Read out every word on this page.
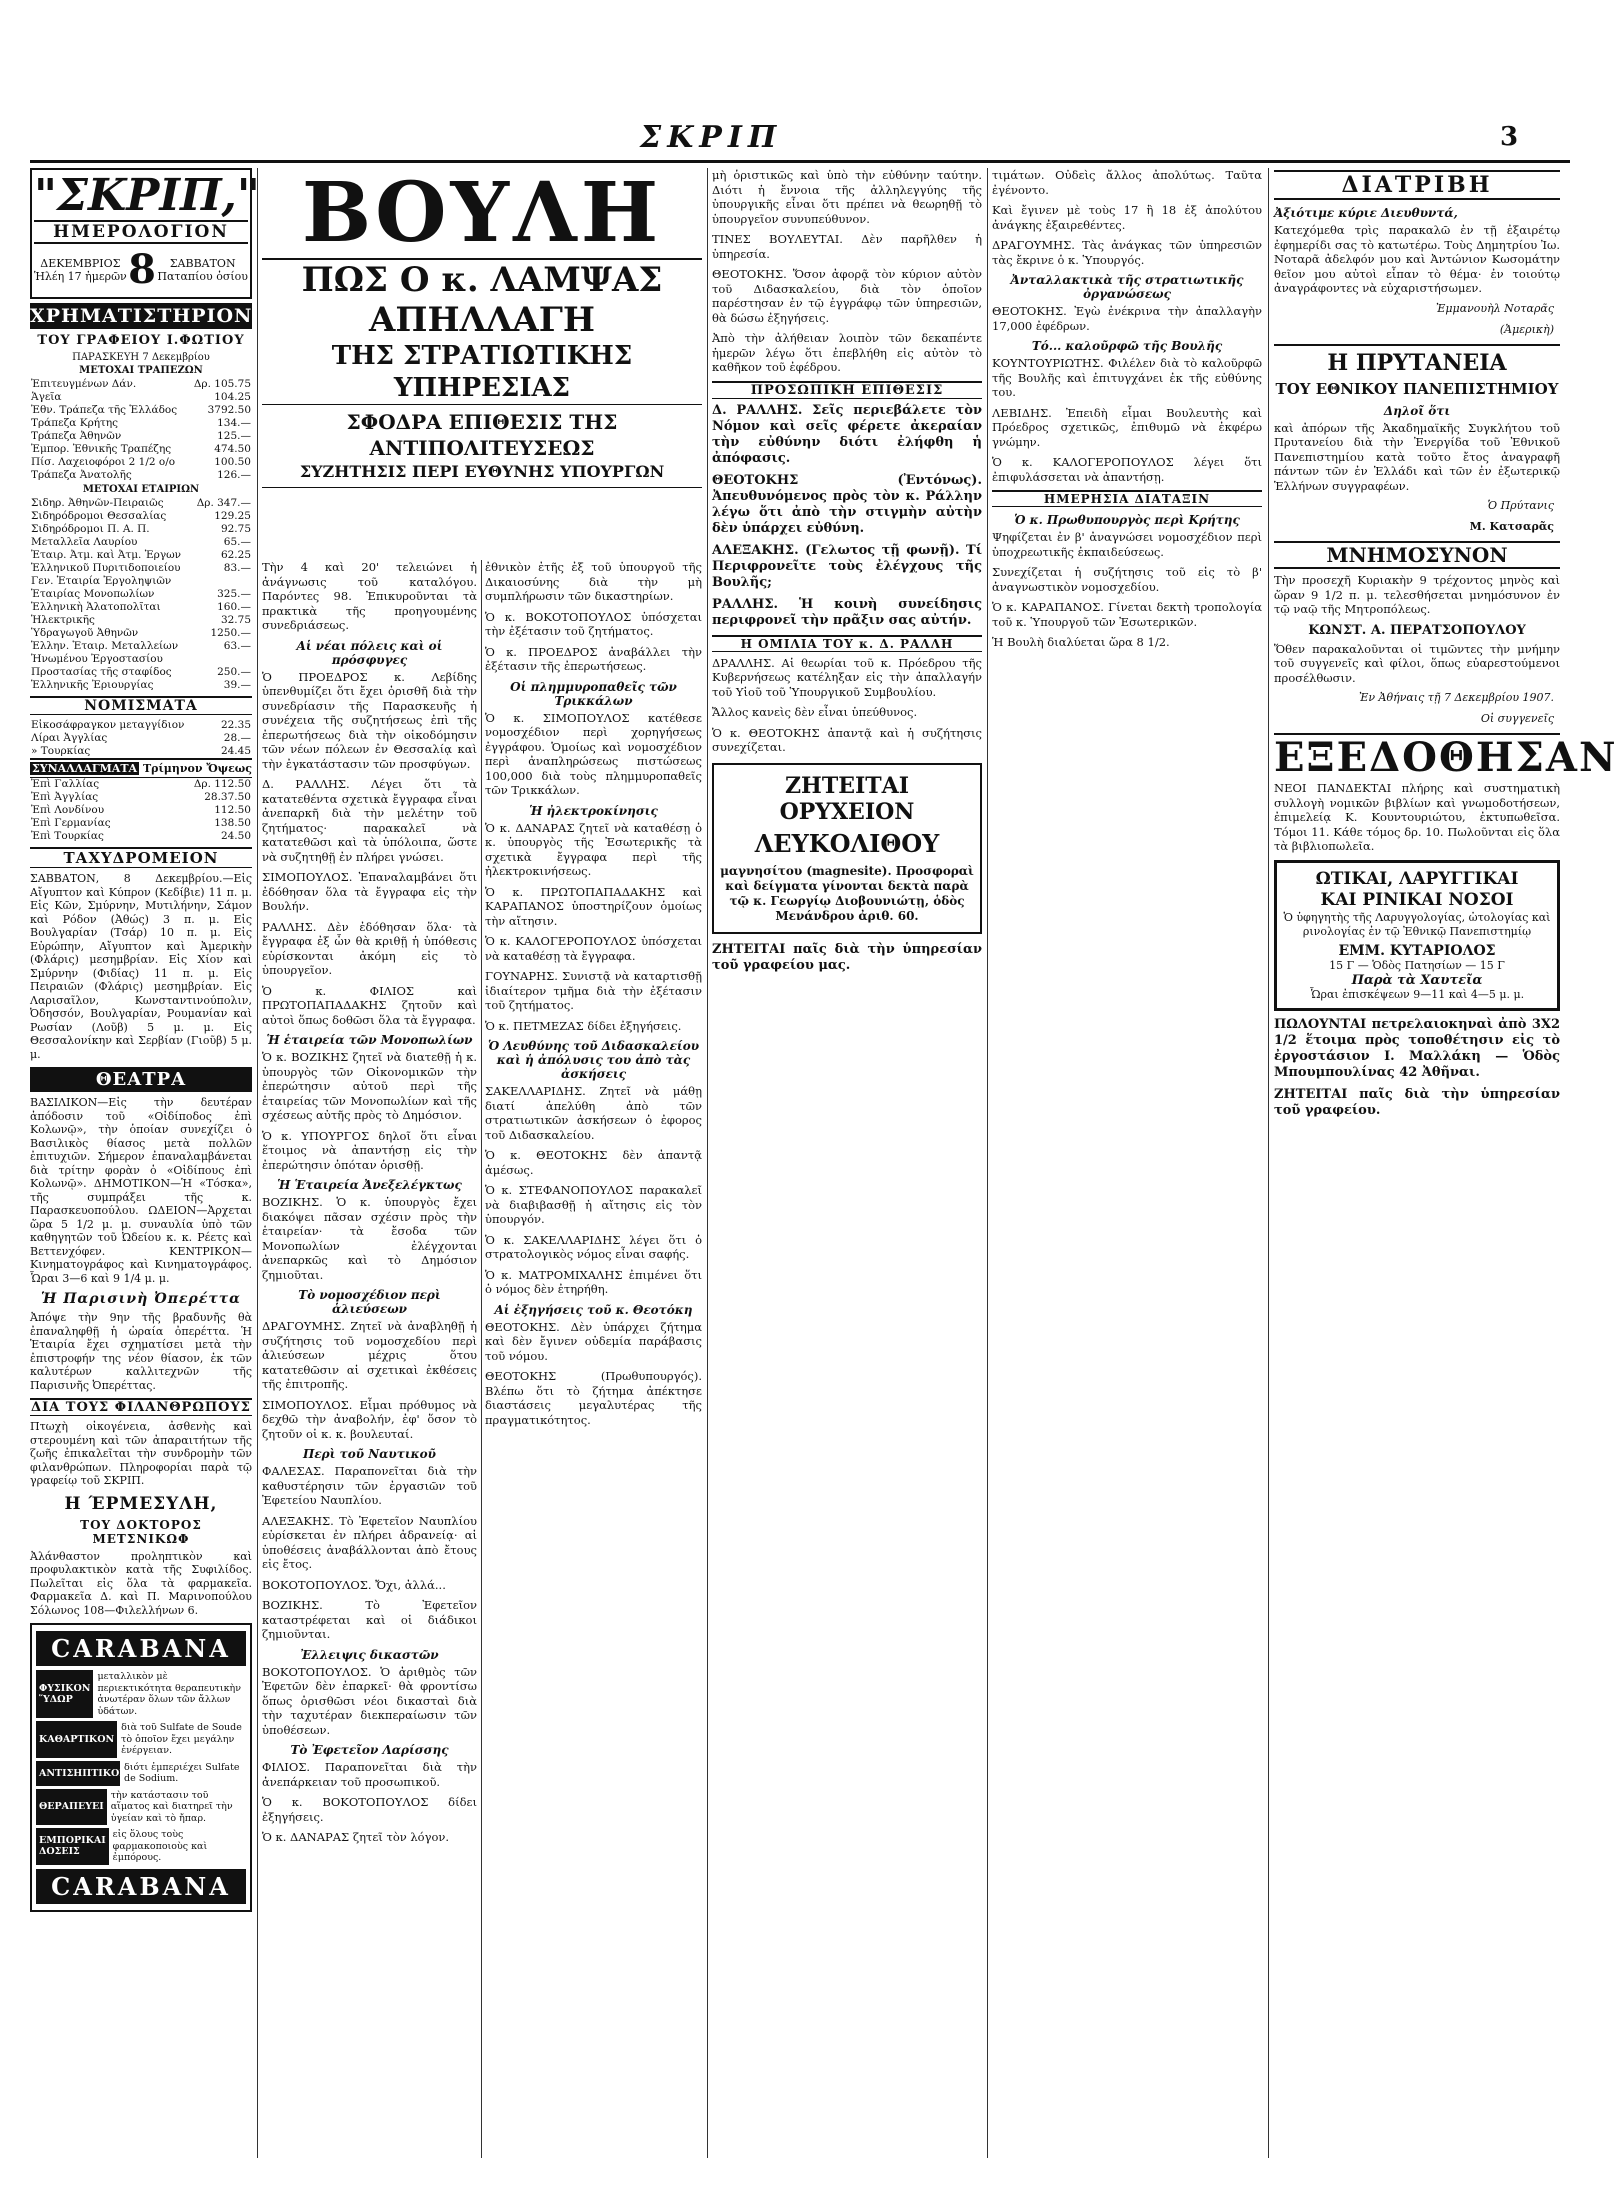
ΣΚΡΙΠ	3
"ΣΚΡΙΠ,"
ΗΜΕΡΟΛΟΓΙΟΝ
ΔΕΚΕΜΒΡΙΟΣ
Ἡλέη 17 ἡμερῶν 8	ΣΑΒΒΑΤΟΝ
Παταπίου ὁσίου
ΧΡΗΜΑΤΙΣΤΗΡΙΟΝ
ΤΟΥ ΓΡΑΦΕΙΟΥ Ι.ΦΩΤΙΟΥ
ΠΑΡΑΣΚΕΥΗ 7 Δεκεμβρίου
ΜΕΤΟΧΑΙ ΤΡΑΠΕΖΩΝ
Ἐπιτευγμένων Δάν.	Δρ. 105.75
Ἁγεῖα	104.25
Ἐθν. Τράπεζα τῆς Ἑλλάδος	3792.50
Τράπεζα Κρήτης	134.—
Τράπεζα Ἀθηνῶν	125.—
Ἐμπορ. Ἐθνικῆς Τραπέζης	474.50
Πίσ. Λαχειοφόροι 2 1/2 ο/ο	100.50
Τράπεζα Ἀνατολῆς	126.—
ΜΕΤΟΧΑΙ ΕΤΑΙΡΙΩΝ
Σιδηρ. Ἀθηνῶν-Πειραιῶς	Δρ. 347.—
Σιδηρόδρομοι Θεσσαλίας	129.25
Σιδηρόδρομοι Π. Α. Π.	92.75
Μεταλλεῖα Λαυρίου	65.—
Ἐταιρ. Ἀτμ. καὶ Ἀτμ. Ἐργων	62.25
Ἑλληνικοῦ Πυριτιδοποιείου	83.—
Γεν. Ἑταιρία Ἐργοληψιῶν	
Ἑταιρίας Μονοπωλίων	325.—
Ἑλληνικὴ Ἁλατοπολῖται	160.—
Ἡλεκτρικῆς	32.75
Ὑδραγωγοῦ Ἀθηνῶν	1250.—
Ἑλλην. Ἑταιρ. Μεταλλείων	63.—
Ἠνωμένου Ἐργοστασίου	
Προστασίας τῆς σταφίδος	250.—
Ἑλληνικῆς Ἐριουργίας	39.—
ΝΟΜΙΣΜΑΤΑ
Εἰκοσάφραγκον μεταγγίδιον	22.35
Λίραι Ἀγγλίας	28.—
» Τουρκίας	24.45
ΣΥΝΑΛΛΑΓΜΑΤΑ Τρίμηνον Ὄψεως
Ἐπὶ Γαλλίας	Δρ. 112.50
Ἐπὶ Ἀγγλίας	28.37.50
Ἐπὶ Λονδίνου	112.50
Ἐπὶ Γερμανίας	138.50
Ἐπὶ Τουρκίας	24.50
ΤΑΧΥΔΡΟΜΕΙΟΝ

ΣΑΒΒΑΤΟΝ, 8 Δεκεμβρίου.—Εἰς Αἴγυπτον καὶ Κύπρον (Κεδίβιε) 11 π. μ. Εἰς Κῶν, Σμύρνην, Μυτιλήνην, Σάμον καὶ Ρόδον (Ἀθώς) 3 π. μ. Εἰς Βουλγαρίαν (Τσάρ) 10 π. μ. Εἰς Εὐρώπην, Αἴγυπτον καὶ Ἀμερικὴν (Φλάρις) μεσημβρίαν. Εἰς Χίον καὶ Σμύρνην (Φιδίας) 11 π. μ. Εἰς Πειραιῶν (Φλάρις) μεσημβρίαν. Εἰς Λαρισαῖλον, Κωνσταντινούπολιν, Ὀδησσόν, Βουλγαρίαν, Ρουμανίαν καὶ Ρωσίαν (Λοῦβ) 5 μ. μ. Εἰς Θεσσαλονίκην καὶ Σερβίαν (Γιοῦβ) 5 μ. μ.

ΘΕΑΤΡΑ

ΒΑΣΙΛΙΚΟΝ—Εἰς τὴν δευτέραν ἀπόδοσιν τοῦ «Οἰδίποδος ἐπὶ Κολωνῷ», τὴν ὁποίαν συνεχίζει ὁ Βασιλικὸς θίασος μετὰ πολλῶν ἐπιτυχιῶν. Σήμερον ἐπαναλαμβάνεται διὰ τρίτην φορὰν ὁ «Οἰδίπους ἐπὶ Κολωνῷ». ΔΗΜΟΤΙΚΟΝ—Ἡ «Τόσκα», τῆς συμπράξει τῆς κ. Παρασκευοπούλου. ΩΔΕΙΟΝ—Ἀρχεται ὥρα 5 1/2 μ. μ. συναυλία ὑπὸ τῶν καθηγητῶν τοῦ Ὠδείου κ. κ. Ρέετς καὶ Βεττενχόφεν. ΚΕΝΤΡΙΚΟΝ—Κινηματογράφος καὶ Κινηματογράφος. Ὧραι 3—6 καὶ 9 1/4 μ. μ.

Ἡ Παρισινὴ Ὀπερέττα

Ἀπόψε τὴν 9ην τῆς βραδυνῆς θὰ ἐπαναληφθῇ ἡ ὡραία ὀπερέττα. Ἡ Ἑταιρία ἔχει σχηματίσει μετὰ τὴν ἐπιστροφήν της νέον θίασον, ἐκ τῶν καλυτέρων καλλιτεχνῶν τῆς Παρισινῆς Ὀπερέττας.

ΔΙΑ ΤΟΥΣ ΦΙΛΑΝΘΡΩΠΟΥΣ

Πτωχὴ οἰκογένεια, ἀσθενὴς καὶ στερουμένη καὶ τῶν ἀπαραιτήτων τῆς ζωῆς ἐπικαλεῖται τὴν συνδρομὴν τῶν φιλανθρώπων. Πληροφορίαι παρὰ τῷ γραφείῳ τοῦ ΣΚΡΙΠ.

Η ΈΡΜΕΣΥΛΗ,
ΤΟΥ ΔΟΚΤΟΡΟΣ ΜΕΤΣΝΙΚΩΦ

Ἀλάνθαστον προληπτικὸν καὶ προφυλακτικὸν κατὰ τῆς Συφιλίδος. Πωλεῖται εἰς ὅλα τὰ φαρμακεῖα. Φαρμακεῖα Δ. καὶ Π. Μαρινοπούλου Σόλωνος 108—Φιλελλήνων 6.

CARABANA
ΦΥΣΙΚΟΝ ὝΔΩΡ
μεταλλικὸν μὲ περιεκτικότητα θεραπευτικὴν ἀνωτέραν ὅλων τῶν ἄλλων ὑδάτων.
ΚΑΘΑΡΤΙΚΟΝ
διὰ τοῦ Sulfate de Soude τὸ ὁποῖον ἔχει μεγάλην ἐνέργειαν.
ΑΝΤΙΣΗΠΤΙΚΟΝ
διότι ἐμπεριέχει Sulfate de Sodium.
ΘΕΡΑΠΕΥΕΙ
τὴν κατάστασιν τοῦ αἵματος καὶ διατηρεῖ τὴν ὑγείαν καὶ τὸ ἤπαρ.
ΕΜΠΟΡΙΚΑΙ ΔΟΣΕΙΣ
εἰς ὅλους τοὺς φαρμακοποιοὺς καὶ ἐμπόρους.
CARABANA
ΒΟΥΛΗ
ΠΩΣ Ο κ. ΛΑΜΨΑΣ ΑΠΗΛΛΑΓΗ
ΤΗΣ ΣΤΡΑΤΙΩΤΙΚΗΣ ΥΠΗΡΕΣΙΑΣ
ΣΦΟΔΡΑ ΕΠΙΘΕΣΙΣ ΤΗΣ ΑΝΤΙΠΟΛΙΤΕΥΣΕΩΣ
ΣΥΖΗΤΗΣΙΣ ΠΕΡΙ ΕΥΘΥΝΗΣ ΥΠΟΥΡΓΩΝ

Τὴν 4 καὶ 20' τελειώνει ἡ ἀνάγνωσις τοῦ καταλόγου. Παρόντες 98. Ἐπικυροῦνται τὰ πρακτικὰ τῆς προηγουμένης συνεδριάσεως.

Αἱ νέαι πόλεις καὶ οἱ πρόσφυγες

Ὁ ΠΡΟΕΔΡΟΣ κ. Λεβίδης ὑπενθυμίζει ὅτι ἔχει ὁρισθῆ διὰ τὴν συνεδρίασιν τῆς Παρασκευῆς ἡ συνέχεια τῆς συζητήσεως ἐπὶ τῆς ἐπερωτήσεως διὰ τὴν οἰκοδόμησιν τῶν νέων πόλεων ἐν Θεσσαλίᾳ καὶ τὴν ἐγκατάστασιν τῶν προσφύγων.

Δ. ΡΑΛΛΗΣ. Λέγει ὅτι τὰ κατατεθέντα σχετικὰ ἔγγραφα εἶναι ἀνεπαρκῆ διὰ τὴν μελέτην τοῦ ζητήματος· παρακαλεῖ νὰ κατατεθῶσι καὶ τὰ ὑπόλοιπα, ὥστε νὰ συζητηθῇ ἐν πλήρει γνώσει.

ΣΙΜΟΠΟΥΛΟΣ. Ἐπαναλαμβάνει ὅτι ἐδόθησαν ὅλα τὰ ἔγγραφα εἰς τὴν Βουλήν.

ΡΑΛΛΗΣ. Δὲν ἐδόθησαν ὅλα· τὰ ἔγγραφα ἐξ ὧν θὰ κριθῇ ἡ ὑπόθεσις εὑρίσκονται ἀκόμη εἰς τὸ ὑπουργεῖον.

Ὁ κ. ΦΙΛΙΟΣ καὶ ΠΡΩΤΟΠΑΠΑΔΑΚΗΣ ζητοῦν καὶ αὐτοὶ ὅπως δοθῶσι ὅλα τὰ ἔγγραφα.

Ἡ ἑταιρεία τῶν Μονοπωλίων

Ὁ κ. ΒΟΖΙΚΗΣ ζητεῖ νὰ διατεθῇ ἡ κ. ὑπουργὸς τῶν Οἰκονομικῶν τὴν ἐπερώτησιν αὐτοῦ περὶ τῆς ἑταιρείας τῶν Μονοπωλίων καὶ τῆς σχέσεως αὐτῆς πρὸς τὸ Δημόσιον.

Ὁ κ. ΥΠΟΥΡΓΟΣ δηλοῖ ὅτι εἶναι ἕτοιμος νὰ ἀπαντήσῃ εἰς τὴν ἐπερώτησιν ὁπόταν ὁρισθῇ.

Ἡ Ἑταιρεία Ἀνεξελέγκτως

ΒΟΖΙΚΗΣ. Ὁ κ. ὑπουργὸς ἔχει διακόψει πᾶσαν σχέσιν πρὸς τὴν ἑταιρείαν· τὰ ἔσοδα τῶν Μονοπωλίων ἐλέγχονται ἀνεπαρκῶς καὶ τὸ Δημόσιον ζημιοῦται.

Τὸ νομοσχέδιον περὶ ἁλιεύσεων

ΔΡΑΓΟΥΜΗΣ. Ζητεῖ νὰ ἀναβληθῇ ἡ συζήτησις τοῦ νομοσχεδίου περὶ ἁλιεύσεων μέχρις ὅτου κατατεθῶσιν αἱ σχετικαὶ ἐκθέσεις τῆς ἐπιτροπῆς.

ΣΙΜΟΠΟΥΛΟΣ. Εἶμαι πρόθυμος νὰ δεχθῶ τὴν ἀναβολήν, ἐφ' ὅσον τὸ ζητοῦν οἱ κ. κ. βουλευταί.

Περὶ τοῦ Ναυτικοῦ

ΦΑΛΕΣΑΣ. Παραπονεῖται διὰ τὴν καθυστέρησιν τῶν ἐργασιῶν τοῦ Ἐφετείου Ναυπλίου.

ΑΛΕΞΑΚΗΣ. Τὸ Ἐφετεῖον Ναυπλίου εὑρίσκεται ἐν πλήρει ἀδρανείᾳ· αἱ ὑποθέσεις ἀναβάλλονται ἀπὸ ἔτους εἰς ἔτος.

ΒΟΚΟΤΟΠΟΥΛΟΣ. Ὄχι, ἀλλά...

ΒΟΖΙΚΗΣ. Τὸ Ἐφετεῖον καταστρέφεται καὶ οἱ διάδικοι ζημιοῦνται.

Ἐλλειψις δικαστῶν

ΒΟΚΟΤΟΠΟΥΛΟΣ. Ὁ ἀριθμὸς τῶν Ἐφετῶν δὲν ἐπαρκεῖ· θὰ φροντίσω ὅπως ὁρισθῶσι νέοι δικασταὶ διὰ τὴν ταχυτέραν διεκπεραίωσιν τῶν ὑποθέσεων.

Τὸ Ἐφετεῖον Λαρίσσης

ΦΙΛΙΟΣ. Παραπονεῖται διὰ τὴν ἀνεπάρκειαν τοῦ προσωπικοῦ.

Ὁ κ. ΒΟΚΟΤΟΠΟΥΛΟΣ δίδει ἐξηγήσεις.

Ὁ κ. ΔΑΝΑΡΑΣ ζητεῖ τὸν λόγον.

ἐθνικὸν ἐτῆς ἐξ τοῦ ὑπουργοῦ τῆς Δικαιοσύνης διὰ τὴν μὴ συμπλήρωσιν τῶν δικαστηρίων.

Ὁ κ. ΒΟΚΟΤΟΠΟΥΛΟΣ ὑπόσχεται τὴν ἐξέτασιν τοῦ ζητήματος.

Ὁ κ. ΠΡΟΕΔΡΟΣ ἀναβάλλει τὴν ἐξέτασιν τῆς ἐπερωτήσεως.

Οἱ πλημμυροπαθεῖς τῶν Τρικκάλων

Ὁ κ. ΣΙΜΟΠΟΥΛΟΣ κατέθεσε νομοσχέδιον περὶ χορηγήσεως ἐγγράφου. Ὁμοίως καὶ νομοσχέδιον περὶ ἀναπληρώσεως πιστώσεως 100,000 διὰ τοὺς πλημμυροπαθεῖς τῶν Τρικκάλων.

Ἡ ἠλεκτροκίνησις

Ὁ κ. ΔΑΝΑΡΑΣ ζητεῖ νὰ καταθέσῃ ὁ κ. ὑπουργὸς τῆς Ἐσωτερικῆς τὰ σχετικὰ ἔγγραφα περὶ τῆς ἠλεκτροκινήσεως.

Ὁ κ. ΠΡΩΤΟΠΑΠΑΔΑΚΗΣ καὶ ΚΑΡΑΠΑΝΟΣ ὑποστηρίζουν ὁμοίως τὴν αἴτησιν.

Ὁ κ. ΚΑΛΟΓΕΡΟΠΟΥΛΟΣ ὑπόσχεται νὰ καταθέσῃ τὰ ἔγγραφα.

ΓΟΥΝΑΡΗΣ. Συνιστᾷ νὰ καταρτισθῇ ἰδιαίτερον τμῆμα διὰ τὴν ἐξέτασιν τοῦ ζητήματος.

Ὁ κ. ΠΕΤΜΕΖΑΣ δίδει ἐξηγήσεις.

Ὁ Λευθύνης τοῦ Διδασκαλείου καὶ ἡ ἀπόλυσις του ἀπὸ τὰς ἀσκήσεις

ΣΑΚΕΛΛΑΡΙΔΗΣ. Ζητεῖ νὰ μάθῃ διατί ἀπελύθη ἀπὸ τῶν στρατιωτικῶν ἀσκήσεων ὁ ἐφορος τοῦ Διδασκαλείου.

Ὁ κ. ΘΕΟΤΟΚΗΣ δὲν ἀπαντᾷ ἀμέσως.

Ὁ κ. ΣΤΕΦΑΝΟΠΟΥΛΟΣ παρακαλεῖ νὰ διαβιβασθῇ ἡ αἴτησις εἰς τὸν ὑπουργόν.

Ὁ κ. ΣΑΚΕΛΛΑΡΙΔΗΣ λέγει ὅτι ὁ στρατολογικὸς νόμος εἶναι σαφής.

Ὁ κ. ΜΑΤΡΟΜΙΧΑΛΗΣ ἐπιμένει ὅτι ὁ νόμος δὲν ἐτηρήθη.

Αἱ ἐξηγήσεις τοῦ κ. Θεοτόκη

ΘΕΟΤΟΚΗΣ. Δὲν ὑπάρχει ζήτημα καὶ δὲν ἔγινεν οὐδεμία παράβασις τοῦ νόμου.

ΘΕΟΤΟΚΗΣ (Πρωθυπουργός). Βλέπω ὅτι τὸ ζήτημα ἀπέκτησε διαστάσεις μεγαλυτέρας τῆς πραγματικότητος.

μὴ ὁριστικῶς καὶ ὑπὸ τὴν εὐθύνην ταύτην. Διότι ἡ ἔννοια τῆς ἀλληλεγγύης τῆς ὑπουργικῆς εἶναι ὅτι πρέπει νὰ θεωρηθῇ τὸ ὑπουργεῖον συνυπεύθυνον.

ΤΙΝΕΣ ΒΟΥΛΕΥΤΑΙ. Δὲν παρῆλθεν ἡ ὑπηρεσία.

ΘΕΟΤΟΚΗΣ. Ὅσον ἀφορᾷ τὸν κύριον αὐτὸν τοῦ Διδασκαλείου, διὰ τὸν ὁποῖον παρέστησαν ἐν τῷ ἐγγράφῳ τῶν ὑπηρεσιῶν, θὰ δώσω ἐξηγήσεις.

Ἀπὸ τὴν ἀλήθειαν λοιπὸν τῶν δεκαπέντε ἡμερῶν λέγω ὅτι ἐπεβλήθη εἰς αὐτὸν τὸ καθῆκον τοῦ ἐφέδρου.

ΠΡΟΣΩΠΙΚΗ ΕΠΙΘΕΣΙΣ

Δ. ΡΑΛΛΗΣ. Σεῖς περιεβάλετε τὸν Νόμον καὶ σεῖς φέρετε ἀκεραίαν τὴν εὐθύνην διότι ἐλήφθη ἡ ἀπόφασις.

ΘΕΟΤΟΚΗΣ (Ἐντόνως). Ἀπευθυνόμενος πρὸς τὸν κ. Ράλλην λέγω ὅτι ἀπὸ τὴν στιγμὴν αὐτὴν δὲν ὑπάρχει εὐθύνη.

ΑΛΕΞΑΚΗΣ. (Γελωτος τῇ φωνῇ). Τί Περιφρονεῖτε τοὺς ἐλέγχους τῆς Βουλῆς;

ΡΑΛΛΗΣ. Ἡ κοινὴ συνείδησις περιφρονεῖ τὴν πρᾶξιν σας αὐτήν.

Η ΟΜΙΛΙΑ ΤΟΥ κ. Δ. ΡΑΛΛΗ

ΔΡΑΛΛΗΣ. Αἱ θεωρίαι τοῦ κ. Πρόεδρου τῆς Κυβερνήσεως κατέληξαν εἰς τὴν ἀπαλλαγήν τοῦ Υἱοῦ τοῦ Ὑπουργικοῦ Συμβουλίου.

Ἄλλος κανεὶς δὲν εἶναι ὑπεύθυνος.

Ὁ κ. ΘΕΟΤΟΚΗΣ ἀπαντᾷ καὶ ἡ συζήτησις συνεχίζεται.

ΖΗΤΕΙΤΑΙ ΟΡΥΧΕΙΟΝ
ΛΕΥΚΟΛΙΘΟΥ
μαγνησίτου (magnesite). Προσφοραὶ καὶ δείγματα γίνονται δεκτὰ παρὰ τῷ κ. Γεωργίῳ Διοβουνιώτῃ, ὁδὸς Μενάνδρου ἀριθ. 60.

ΖΗΤΕΙΤΑΙ παῖς διὰ τὴν ὑπηρεσίαν τοῦ γραφείου μας.

τιμάτων. Οὐδεὶς ἄλλος ἀπολύτως. Ταῦτα ἐγένοντο.

Καὶ ἔγινεν μὲ τοὺς 17 ἢ 18 ἐξ ἀπολύτου ἀνάγκης ἐξαιρεθέντες.

ΔΡΑΓΟΥΜΗΣ. Τὰς ἀνάγκας τῶν ὑπηρεσιῶν τὰς ἔκρινε ὁ κ. Ὑπουργός.

Ἀνταλλακτικὰ τῆς στρατιωτικῆς ὀργανώσεως

ΘΕΟΤΟΚΗΣ. Ἐγὼ ἐνέκρινα τὴν ἀπαλλαγὴν 17,000 ἐφέδρων.

Τό... καλοῦρφῶ τῆς Βουλῆς

ΚΟΥΝΤΟΥΡΙΩΤΗΣ. Φιλέλεν διὰ τὸ καλοῦρφῶ τῆς Βουλῆς καὶ ἐπιτυγχάνει ἐκ τῆς εὐθύνης του.

ΛΕΒΙΔΗΣ. Ἐπειδὴ εἶμαι Βουλευτὴς καὶ Πρόεδρος σχετικῶς, ἐπιθυμῶ νὰ ἐκφέρω γνώμην.

Ὁ κ. ΚΑΛΟΓΕΡΟΠΟΥΛΟΣ λέγει ὅτι ἐπιφυλάσσεται νὰ ἀπαντήσῃ.

ΗΜΕΡΗΣΙΑ ΔΙΑΤΑΞΙΝ
Ὁ κ. Πρωθυπουργὸς περὶ Κρήτης

Ψηφίζεται ἐν β' ἀναγνώσει νομοσχέδιον περὶ ὑποχρεωτικῆς ἐκπαιδεύσεως.

Συνεχίζεται ἡ συζήτησις τοῦ εἰς τὸ β' ἀναγνωστικὸν νομοσχεδίου.

Ὁ κ. ΚΑΡΑΠΑΝΟΣ. Γίνεται δεκτὴ τροπολογία τοῦ κ. Ὑπουργοῦ τῶν Ἐσωτερικῶν.

Ἡ Βουλὴ διαλύεται ὥρα 8 1/2.

ΔΙΑΤΡΙΒΗ
Ἀξιότιμε κύριε Διευθυντά,

Κατεχόμεθα τρὶς παρακαλῶ ἐν τῇ ἐξαιρέτῳ ἐφημερίδι σας τὸ κατωτέρω. Τοὺς Δημητρίου Ἰω. Νοταρᾶ ἀδελφόν μου καὶ Ἀντώνιον Κωσομάτην θεῖον μου αὐτοὶ εἶπαν τὸ θέμα· ἐν τοιούτῳ ἀναγράφοντες νὰ εὐχαριστήσωμεν.

Ἐμμανουὴλ Νοταρᾶς
(Ἀμερικὴ)
Η ΠΡΥΤΑΝΕΙΑ
ΤΟΥ ΕΘΝΙΚΟΥ ΠΑΝΕΠΙΣΤΗΜΙΟΥ
Δηλοῖ ὅτι

καὶ ἀπόρων τῆς Ἀκαδημαϊκῆς Συγκλήτου τοῦ Πρυτανείου διὰ τὴν Ἐνεργίδα τοῦ Ἐθνικοῦ Πανεπιστημίου κατὰ τοῦτο ἔτος ἀναγραφῆ πάντων τῶν ἐν Ἑλλάδι καὶ τῶν ἐν ἐξωτερικῷ Ἑλλήνων συγγραφέων.

Ὁ Πρύτανις
Μ. Κατσαρᾶς
ΜΝΗΜΟΣΥΝΟΝ

Τὴν προσεχῆ Κυριακὴν 9 τρέχοντος μηνὸς καὶ ὥραν 9 1/2 π. μ. τελεσθήσεται μνημόσυνον ἐν τῷ ναῷ τῆς Μητροπόλεως.

ΚΩΝΣΤ. Α. ΠΕΡΑΤΣΟΠΟΥΛΟΥ

Ὅθεν παρακαλοῦνται οἱ τιμῶντες τὴν μνήμην τοῦ συγγενεῖς καὶ φίλοι, ὅπως εὐαρεστούμενοι προσέλθωσιν.

Ἐν Ἀθήναις τῇ 7 Δεκεμβρίου 1907.
Οἱ συγγενεῖς
ΕΞΕΔΟΘΗΣΑΝ

ΝΕΟΙ ΠΑΝΔΕΚΤΑΙ πλήρης καὶ συστηματικὴ συλλογὴ νομικῶν βιβλίων καὶ γνωμοδοτήσεων, ἐπιμελείᾳ Κ. Κουντουριώτου, ἐκτυπωθεῖσα. Τόμοι 11. Κάθε τόμος δρ. 10. Πωλοῦνται εἰς ὅλα τὰ βιβλιοπωλεῖα.

ΩΤΙΚΑΙ, ΛΑΡΥΓΓΙΚΑΙ
ΚΑΙ ΡΙΝΙΚΑΙ ΝΟΣΟΙ
Ὁ ὑφηγητὴς τῆς Λαρυγγολογίας, ὠτολογίας καὶ ρινολογίας ἐν τῷ Ἐθνικῷ Πανεπιστημίῳ
ΕΜΜ. ΚΥΤΑΡΙΟΛΟΣ
15 Γ — Ὁδὸς Πατησίων — 15 Γ
Παρὰ τὰ Χαυτεῖα
Ὧραι ἐπισκέψεων 9—11 καὶ 4—5 μ. μ.

ΠΩΛΟΥΝΤΑΙ πετρελαιοκηναὶ ἀπὸ 3Χ2 1/2 ἕτοιμα πρὸς τοποθέτησιν εἰς τὸ ἐργοστάσιον Ι. Μαλλάκη — Ὁδὸς Μπουμπουλίνας 42 Ἀθῆναι.

ΖΗΤΕΙΤΑΙ παῖς διὰ τὴν ὑπηρεσίαν τοῦ γραφείου.
